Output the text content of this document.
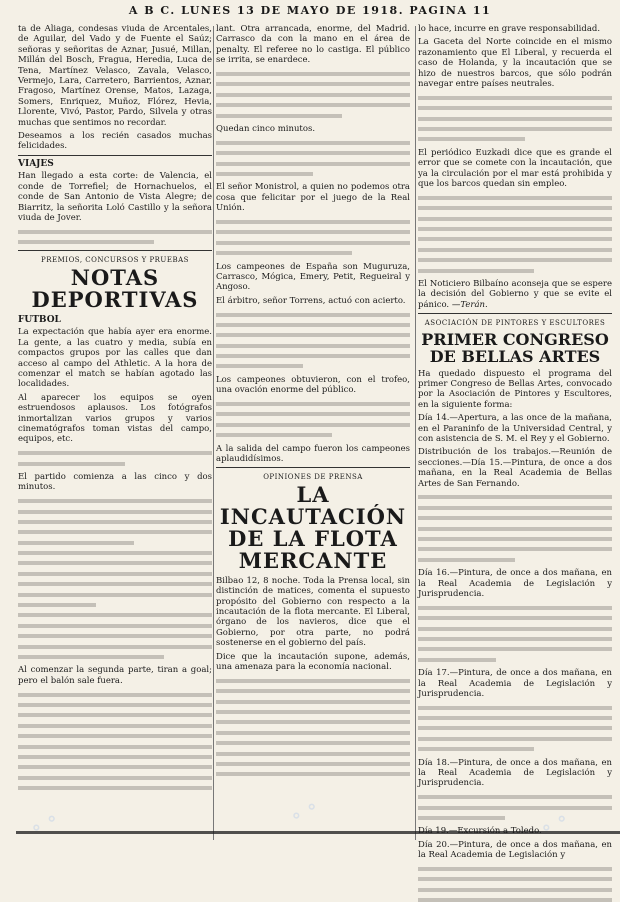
A B C. LUNES 13 DE MAYO DE 1918. PAGINA 11

ta de Aliaga, condesas viuda de Arcentales, de Aguilar, del Vado y de Fuente el Saúz; señoras y señoritas de Aznar, Jusué, Millan, Millán del Bosch, Fragua, Heredia, Luca de Tena, Martínez Velasco, Zavala, Velasco, Vermejo, Lara, Carretero, Barrientos, Aznar, Fragoso, Martínez Orense, Matos, Lazaga, Somers, Enriquez, Muñoz, Flórez, Hevia, Llorente, Vivó, Pastor, Pardo, Silvela y otras muchas que sentimos no recordar.

Deseamos a los recién casados muchas felicidades.

VIAJES

Han llegado a esta corte: de Valencia, el conde de Torrefiel; de Hornachuelos, el conde de San Antonio de Vista Alegre; de Biarritz, la señorita Loló Castillo y la señora viuda de Jover.

PREMIOS, CONCURSOS Y PRUEBAS
NOTAS DEPORTIVAS
FUTBOL

La expectación que había ayer era enorme. La gente, a las cuatro y media, subía en compactos grupos por las calles que dan acceso al campo del Athletic. A la hora de comenzar el match se habían agotado las localidades.

Al aparecer los equipos se oyen estruendosos aplausos. Los fotógrafos inmortalizan varios grupos y varios cinematógrafos toman vistas del campo, equipos, etc.

El partido comienza a las cinco y dos minutos.

Al comenzar la segunda parte, tiran a goal; pero el balón sale fuera.

lant. Otra arrancada, enorme, del Madrid. Carrasco da con la mano en el área de penalty. El referee no lo castiga. El público se irrita, se enardece.

Quedan cinco minutos.

El señor Monistrol, a quien no podemos otra cosa que felicitar por el juego de la Real Unión.

Los campeones de España son Muguruza, Carrasco, Mógica, Emery, Petit, Regueiral y Angoso.

El árbitro, señor Torrens, actuó con acierto.

Los campeones obtuvieron, con el trofeo, una ovación enorme del público.

A la salida del campo fueron los campeones aplaudidísimos.

OPINIONES DE PRENSA
LA INCAUTACIÓN DE LA FLOTA MERCANTE

Bilbao 12, 8 noche. Toda la Prensa local, sin distinción de matices, comenta el supuesto propósito del Gobierno con respecto a la incautación de la flota mercante. El Liberal, órgano de los navieros, dice que el Gobierno, por otra parte, no podrá sostenerse en el gobierno del país.

Dice que la incautación supone, además, una amenaza para la economía nacional.

lo hace, incurre en grave responsabilidad.

La Gaceta del Norte coincide en el mismo razonamiento que El Liberal, y recuerda el caso de Holanda, y la incautación que se hizo de nuestros barcos, que sólo podrán navegar entre países neutrales.

El periódico Euzkadi dice que es grande el error que se comete con la incautación, que ya la circulación por el mar está prohibida y que los barcos quedan sin empleo.

El Noticiero Bilbaíno aconseja que se espere la decisión del Gobierno y que se evite el pánico. —Terán.

ASOCIACIÓN DE PINTORES Y ESCULTORES
PRIMER CONGRESO DE BELLAS ARTES

Ha quedado dispuesto el programa del primer Congreso de Bellas Artes, convocado por la Asociación de Pintores y Escultores, en la siguiente forma:

Día 14.—Apertura, a las once de la mañana, en el Paraninfo de la Universidad Central, y con asistencia de S. M. el Rey y el Gobierno.

Distribución de los trabajos.—Reunión de secciones.—Día 15.—Pintura, de once a dos mañana, en la Real Academia de Bellas Artes de San Fernando.

Día 16.—Pintura, de once a dos mañana, en la Real Academia de Legislación y Jurisprudencia.

Día 17.—Pintura, de once a dos mañana, en la Real Academia de Legislación y Jurisprudencia.

Día 18.—Pintura, de once a dos mañana, en la Real Academia de Legislación y Jurisprudencia.

Día 20.—Pintura, de once a dos mañana, en la Real Academia de Legislación y

∘ ∘	∘ ∘	∘ ∘
